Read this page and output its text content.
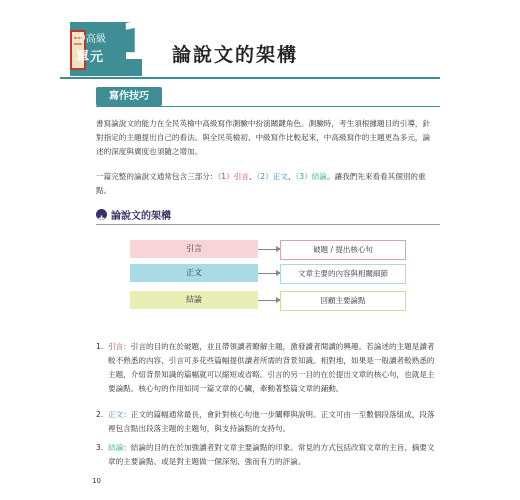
中高級
單元 1 論說文的架構
寫作技巧
書寫論說文的能力在全民英檢中高級寫作測驗中扮演關鍵角色。測驗時，考生須根據題目的引導，針對指定的主題提出自己的看法。與全民英檢初、中級寫作比較起來，中高級寫作的主題更為多元，論述的深度與廣度也須隨之增加。
一篇完整的論說文通常包含三部分：（1）引言、（2）正文、（3）結論。讓我們先來看看其個別的重點。
論說文的架構
引言	破題 / 提出核心句
正文	文章主要的內容與相關細節
結論	回顧主要論點
1. 引言：引言的目的在於破題，並且帶領讀者瞭解主題，激發讀者閱讀的興趣。若論述的主題是讀者較不熟悉的內容，引言可多花些篇幅提供讀者所需的背景知識。相對地，如果是一般讀者較熟悉的主題，介紹背景知識的篇幅就可以縮短或省略。引言的另一目的在於提出文章的核心句，也就是主要論點。核心句的作用如同一篇文章的心臟，牽動著整篇文章的鋪動。
2. 正文：正文的篇幅通常最長，會針對核心句進一步闡釋與說明。正文可由一至數個段落組成，段落裡包含點出段落主題的主題句，與支持論點的支持句。
3. 結論：結論的目的在於加強讀者對文章主要論點的印象。常見的方式包括改寫文章的主旨、摘要文章的主要論點、或是對主題做一個深刻、強而有力的評論。
10
